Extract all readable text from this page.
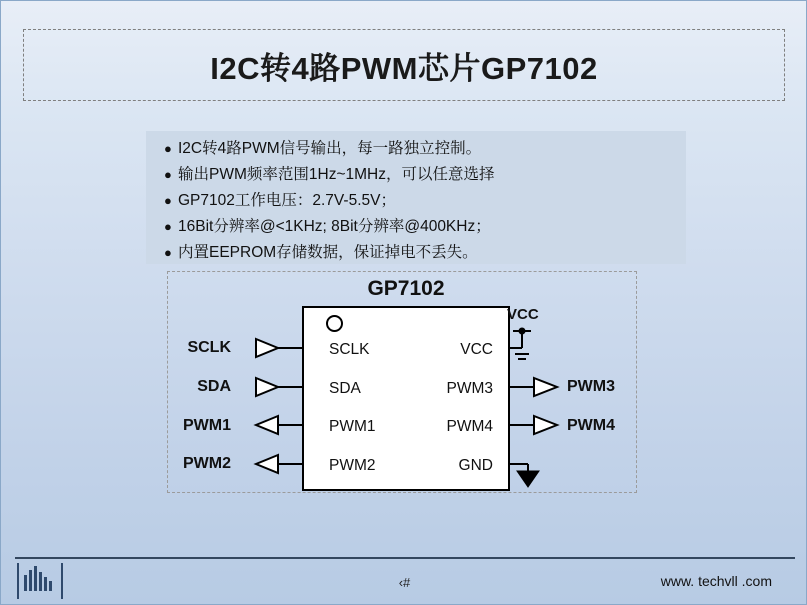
I2C转4路PWM芯片GP7102
● I2C转4路PWM信号输出，每一路独立控制。
● 输出PWM频率范围1Hz~1MHz，可以任意选择
● GP7102工作电压：2.7V-5.5V；
● 16Bit分辨率@<1KHz; 8Bit分辨率@400KHz；
● 内置EEPROM存储数据，保证掉电不丢失。
GP7102
SCLK
SDA
PWM1
PWM2
VCC
PWM3
PWM4
GND
SCLK
SDA
PWM1
PWM2
PWM3
PWM4
VCC
‹#	www. techvll .com
